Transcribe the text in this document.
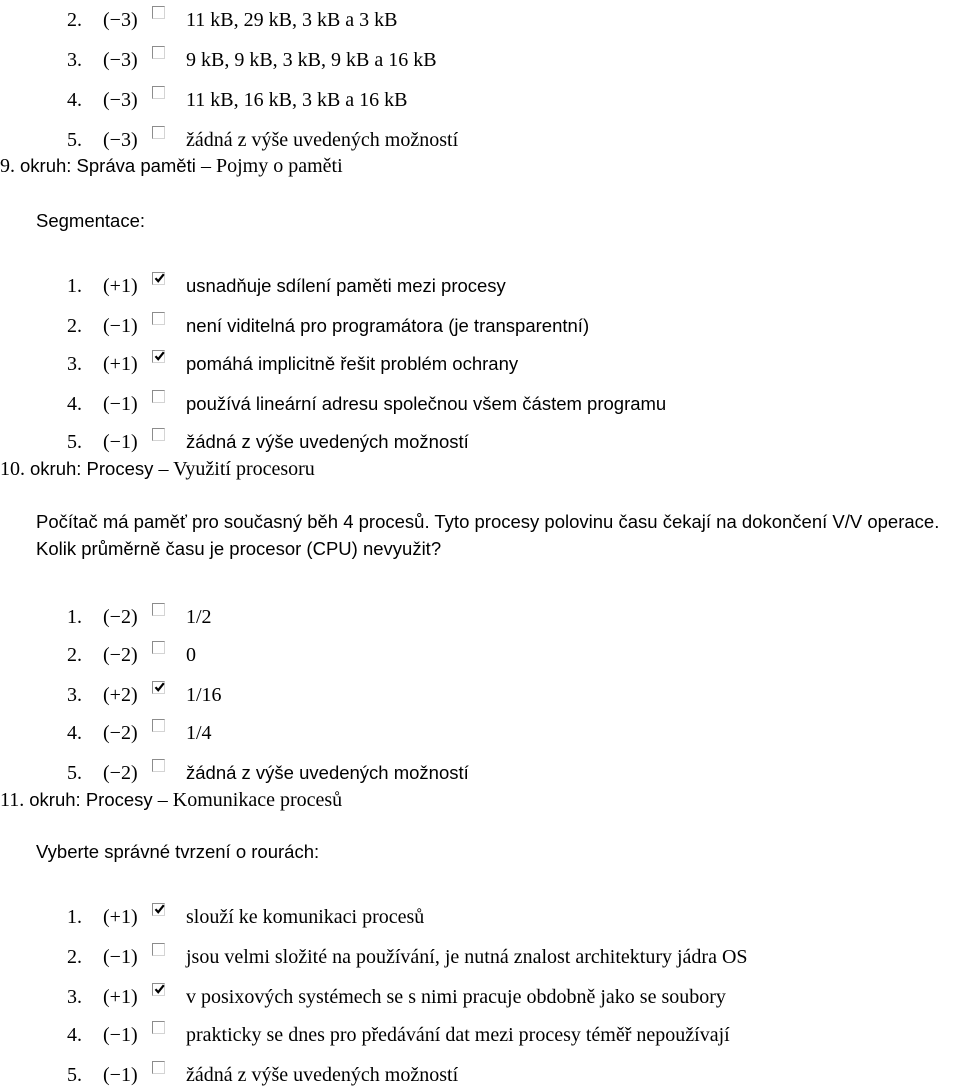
2. (−3) 11 kB, 29 kB, 3 kB a 3 kB
3. (−3) 9 kB, 9 kB, 3 kB, 9 kB a 16 kB
4. (−3) 11 kB, 16 kB, 3 kB a 16 kB
5. (−3) žádná z výše uvedených možností
9. okruh: Správa paměti – Pojmy o paměti
Segmentace:
1. (+1)	usnadňuje sdílení paměti mezi procesy
2. (−1)	není viditelná pro programátora (je transparentní)
3. (+1)	pomáhá implicitně řešit problém ochrany
4. (−1)	používá lineární adresu společnou všem částem programu
5. (−1)	žádná z výše uvedených možností
10. okruh: Procesy – Využití procesoru
Počítač má paměť pro současný běh 4 procesů. Tyto procesy polovinu času čekají na dokončení V/V operace. Kolik průměrně času je procesor (CPU) nevyužit?
1. (−2) 1/2
2. (−2) 0
3. (+2) 1/16
4. (−2) 1/4
5. (−2)	žádná z výše uvedených možností
11. okruh: Procesy – Komunikace procesů
Vyberte správné tvrzení o rourách:
1. (+1) slouží ke komunikaci procesů
2. (−1) jsou velmi složité na používání, je nutná znalost architektury jádra OS
3. (+1) v posixových systémech se s nimi pracuje obdobně jako se soubory
4. (−1) prakticky se dnes pro předávání dat mezi procesy téměř nepoužívají
5. (−1) žádná z výše uvedených možností
